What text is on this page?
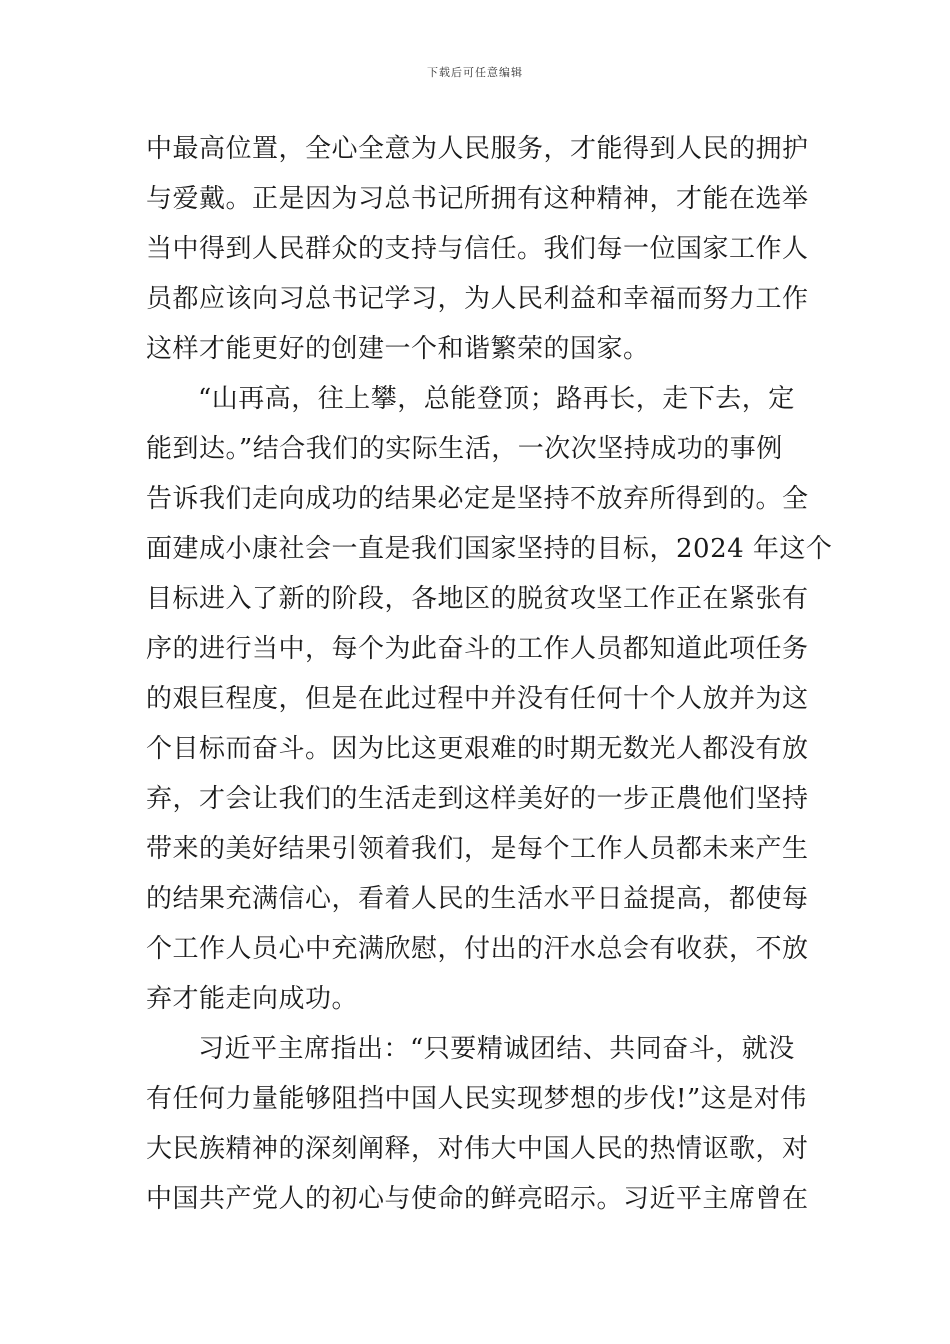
下载后可任意编辑
中最高位置，全心全意为人民服务，才能得到人民的拥护
与爱戴。正是因为习总书记所拥有这种精神，才能在选举
当中得到人民群众的支持与信任。我们每一位国家工作人
员都应该向习总书记学习，为人民利益和幸福而努力工作
这样才能更好的创建一个和谐繁荣的国家。
“山再高，往上攀，总能登顶；路再长，走下去，定
能到达。”结合我们的实际生活，一次次坚持成功的事例
告诉我们走向成功的结果必定是坚持不放弃所得到的。全
面建成小康社会一直是我们国家坚持的目标，2024 年这个
目标进入了新的阶段，各地区的脱贫攻坚工作正在紧张有
序的进行当中，每个为此奋斗的工作人员都知道此项任务
的艰巨程度，但是在此过程中并没有任何十个人放并为这
个目标而奋斗。因为比这更艰难的时期无数光人都没有放
弃，才会让我们的生活走到这样美好的一步正農他们坚持
带来的美好结果引领着我们，是每个工作人员都未来产生
的结果充满信心，看着人民的生活水平日益提高，都使每
个工作人员心中充满欣慰，付出的汗水总会有收获，不放
弃才能走向成功。
习近平主席指出：“只要精诚团结、共同奋斗，就没
有任何力量能够阻挡中国人民实现梦想的步伐!”这是对伟
大民族精神的深刻阐释，对伟大中国人民的热情讴歌，对
中国共产党人的初心与使命的鲜亮昭示。习近平主席曾在
